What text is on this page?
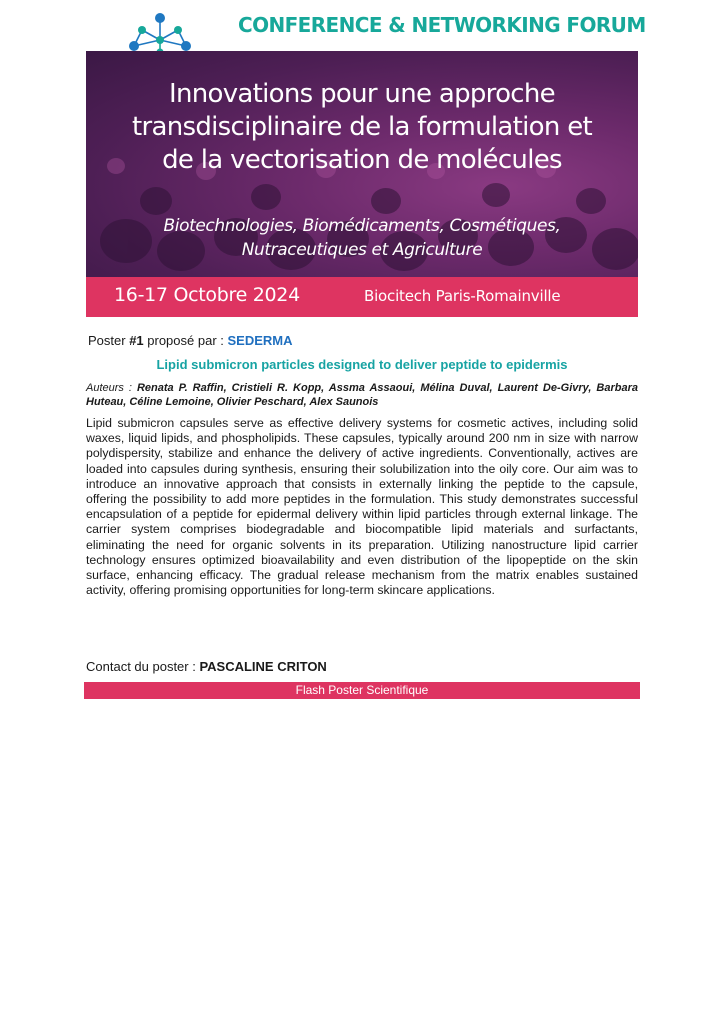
CONFERENCE & NETWORKING FORUM
Innovations pour une approche
transdisciplinaire de la formulation et
de la vectorisation de molécules
Biotechnologies, Biomédicaments, Cosmétiques,
Nutraceutiques et Agriculture
16-17 Octobre 2024	Biocitech Paris-Romainville
Poster #1 proposé par : SEDERMA
Lipid submicron particles designed to deliver peptide to epidermis
Auteurs : Renata P. Raffin, Cristieli R. Kopp, Assma Assaoui, Mélina Duval, Laurent De-Givry, Barbara Huteau, Céline Lemoine, Olivier Peschard, Alex Saunois

Lipid submicron capsules serve as effective delivery systems for cosmetic actives, including solid waxes, liquid lipids, and phospholipids. These capsules, typically around 200 nm in size with narrow polydispersity, stabilize and enhance the delivery of active ingredients. Conventionally, actives are loaded into capsules during synthesis, ensuring their solubilization into the oily core. Our aim was to introduce an innovative approach that consists in externally linking the peptide to the capsule, offering the possibility to add more peptides in the formulation. This study demonstrates successful encapsulation of a peptide for epidermal delivery within lipid particles through external linkage. The carrier system comprises biodegradable and biocompatible lipid materials and surfactants, eliminating the need for organic solvents in its preparation. Utilizing nanostructure lipid carrier technology ensures optimized bioavailability and even distribution of the lipopeptide on the skin surface, enhancing efficacy. The gradual release mechanism from the matrix enables sustained activity, offering promising opportunities for long-term skincare applications.

Contact du poster : PASCALINE CRITON
Flash Poster Scientifique
